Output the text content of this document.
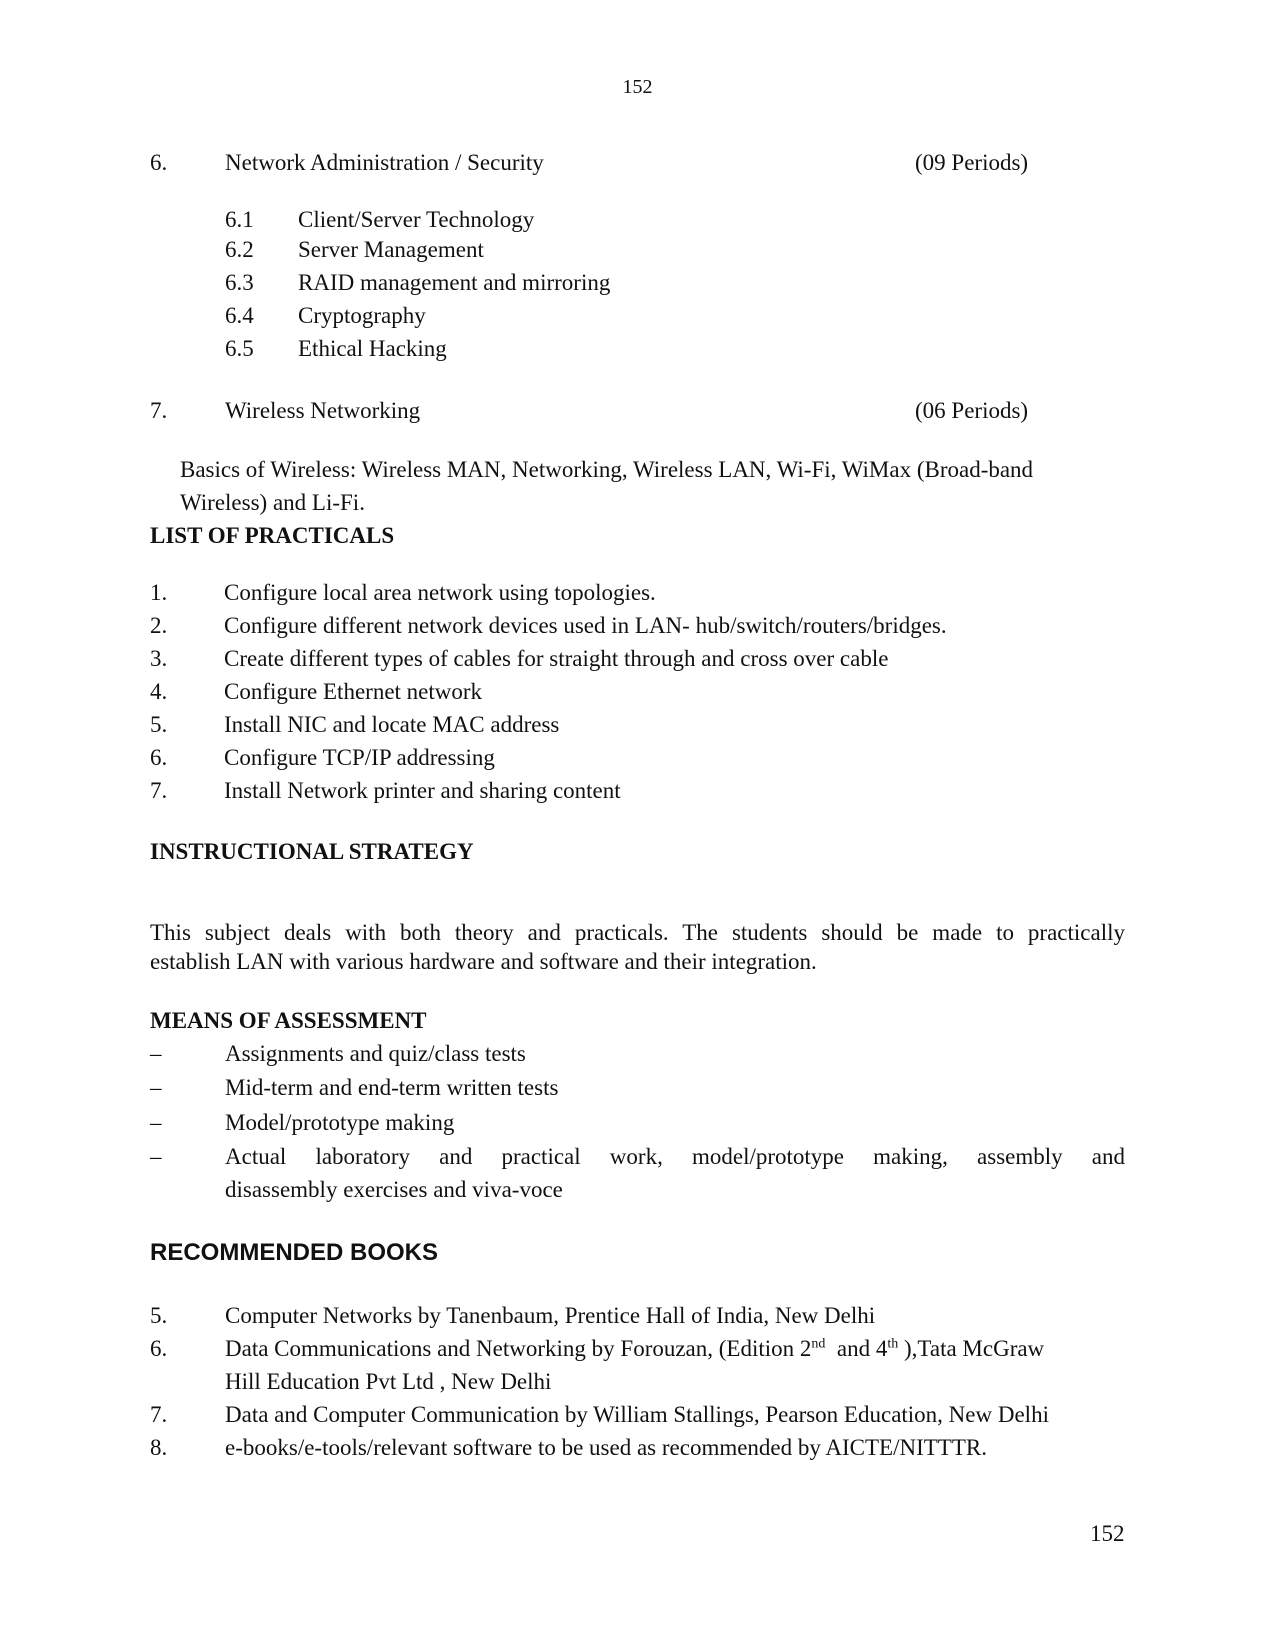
152
6.	Network Administration / Security	(09 Periods)
6.1 Client/Server Technology
6.2 Server Management
6.3 RAID management and mirroring
6.4 Cryptography
6.5 Ethical Hacking
7.	Wireless Networking	(06 Periods)
Basics of Wireless: Wireless MAN, Networking, Wireless LAN, Wi-Fi, WiMax (Broad-band
Wireless) and Li-Fi.
LIST OF PRACTICALS
1. Configure local area network using topologies.
2. Configure different network devices used in LAN- hub/switch/routers/bridges.
3. Create different types of cables for straight through and cross over cable
4. Configure Ethernet network
5. Install NIC and locate MAC address
6. Configure TCP/IP addressing
7. Install Network printer and sharing content
INSTRUCTIONAL STRATEGY
This subject deals with both theory and practicals. The students should be made to practically
establish LAN with various hardware and software and their integration.
MEANS OF ASSESSMENT
–	Assignments and quiz/class tests
–	Mid-term and end-term written tests
–	Model/prototype making
–	Actual laboratory and practical work, model/prototype making, assembly and
disassembly exercises and viva-voce
RECOMMENDED BOOKS
5.	Computer Networks by Tanenbaum, Prentice Hall of India, New Delhi
6.	Data Communications and Networking by Forouzan, (Edition 2nd  and 4th ),Tata McGraw
Hill Education Pvt Ltd , New Delhi
7.	Data and Computer Communication by William Stallings, Pearson Education, New Delhi
8.	e-books/e-tools/relevant software to be used as recommended by AICTE/NITTTR.
152
